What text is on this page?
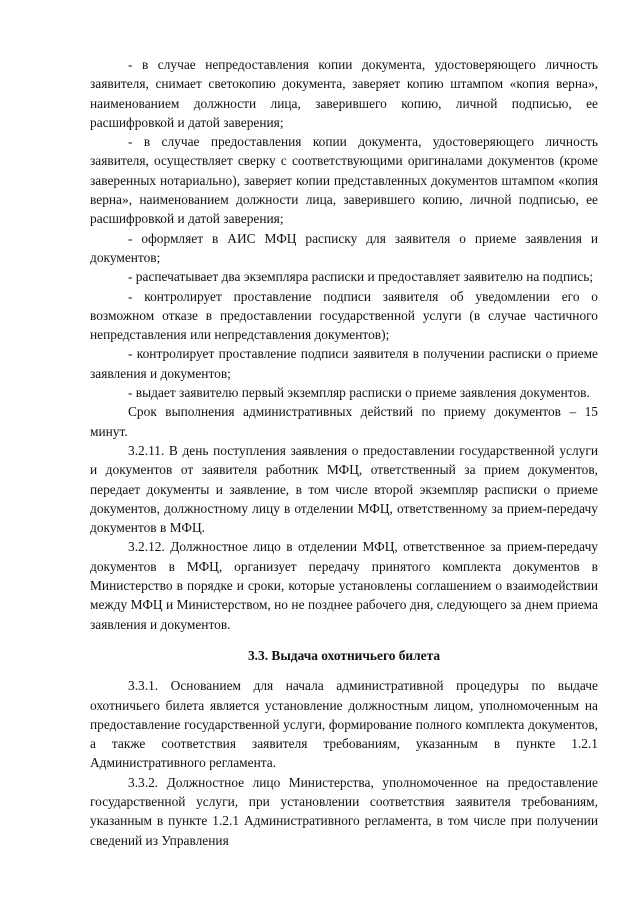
- в случае непредоставления копии документа, удостоверяющего личность заявителя, снимает светокопию документа, заверяет копию штампом «копия верна», наименованием должности лица, заверившего копию, личной подписью, ее расшифровкой и датой заверения;

- в случае предоставления копии документа, удостоверяющего личность заявителя, осуществляет сверку с соответствующими оригиналами документов (кроме заверенных нотариально), заверяет копии представленных документов штампом «копия верна», наименованием должности лица, заверившего копию, личной подписью, ее расшифровкой и датой заверения;

- оформляет в АИС МФЦ расписку для заявителя о приеме заявления и документов;

- распечатывает два экземпляра расписки и предоставляет заявителю на подпись;

- контролирует проставление подписи заявителя об уведомлении его о возможном отказе в предоставлении государственной услуги (в случае частичного непредставления или непредставления документов);

- контролирует проставление подписи заявителя в получении расписки о приеме заявления и документов;

- выдает заявителю первый экземпляр расписки о приеме заявления документов.

Срок выполнения административных действий по приему документов – 15 минут.

3.2.11. В день поступления заявления о предоставлении государственной услуги и документов от заявителя работник МФЦ, ответственный за прием документов, передает документы и заявление, в том числе второй экземпляр расписки о приеме документов, должностному лицу в отделении МФЦ, ответственному за прием-передачу документов в МФЦ.

3.2.12. Должностное лицо в отделении МФЦ, ответственное за прием-передачу документов в МФЦ, организует передачу принятого комплекта документов в Министерство в порядке и сроки, которые установлены соглашением о взаимодействии между МФЦ и Министерством, но не позднее рабочего дня, следующего за днем приема заявления и документов.

3.3. Выдача охотничьего билета

3.3.1. Основанием для начала административной процедуры по выдаче охотничьего билета является установление должностным лицом, уполномоченным на предоставление государственной услуги, формирование полного комплекта документов, а также соответствия заявителя требованиям, указанным в пункте 1.2.1 Административного регламента.

3.3.2. Должностное лицо Министерства, уполномоченное на предоставление государственной услуги, при установлении соответствия заявителя требованиям, указанным в пункте 1.2.1 Административного регламента, в том числе при получении сведений из Управления
